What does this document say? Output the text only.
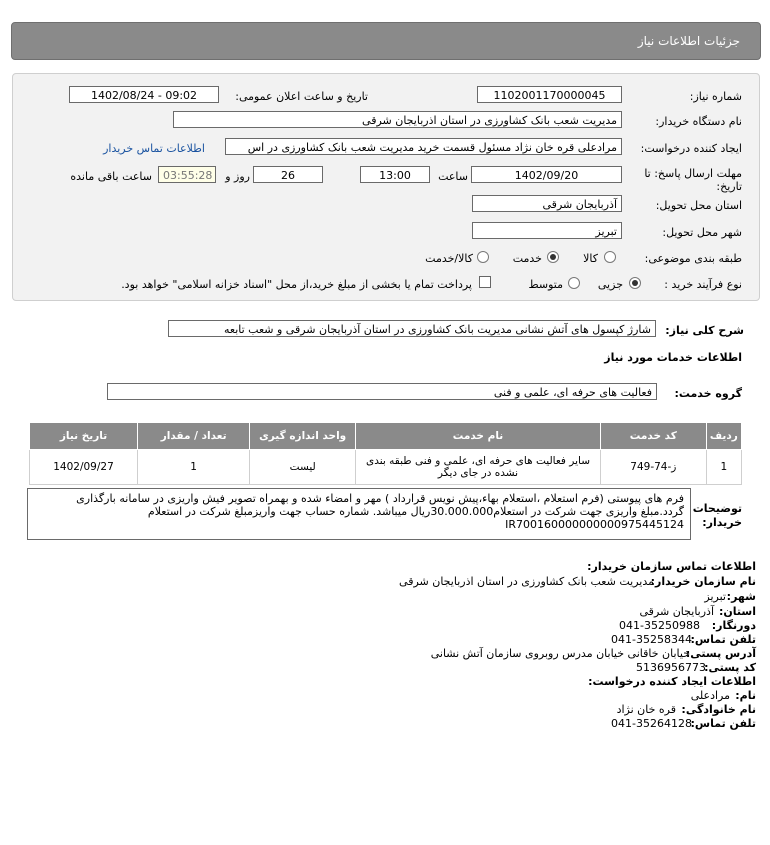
جزئیات اطلاعات نیاز
شماره نیاز:
1102001170000045
تاریخ و ساعت اعلان عمومی:
1402/08/24 - 09:02
نام دستگاه خریدار:
مدیریت شعب بانک کشاورزی در استان اذربایجان شرقی
ایجاد کننده درخواست:
مرادعلی قره خان نژاد مسئول قسمت خرید مدیریت شعب بانک کشاورزی در اس
اطلاعات تماس خریدار
مهلت ارسال پاسخ: تا تاریخ:
1402/09/20
ساعت
13:00
26
روز و
03:55:28
ساعت باقی مانده
استان محل تحویل:
آذربایجان شرقی
شهر محل تحویل:
تبریز
طبقه بندی موضوعی:
کالا
خدمت
کالا/خدمت
نوع فرآیند خرید :
جزیی
متوسط
پرداخت تمام یا بخشی از مبلغ خرید،از محل "اسناد خزانه اسلامی" خواهد بود.
شرح کلی نیاز:
شارژ کپسول های آتش نشانی مدیریت بانک کشاورزی در استان آذربایجان شرقی و شعب تابعه
اطلاعات خدمات مورد نیاز
گروه خدمت:
فعالیت های حرفه ای، علمی و فنی
ردیف	کد خدمت	نام خدمت	واحد اندازه گیری	تعداد / مقدار	تاریخ نیاز
1	ز-74-749	سایر فعالیت های حرفه ای، علمی و فنی طبقه بندی نشده در جای دیگر	لیست	1	1402/09/27
توضیحات خریدار:
فرم های پیوستی (فرم استعلام ،استعلام بهاء،پیش نویس قرارداد ) مهر و امضاء شده و بهمراه تصویر فیش واریزی در سامانه بارگذاری گردد.مبلغ واریزی جهت شرکت در استعلام30.000.000ریال میباشد. شماره حساب جهت واریزمبلغ شرکت در استعلام IR700160000000000975445124
اطلاعات تماس سازمان خریدار:
نام سازمان خریدار:
مدیریت شعب بانک کشاورزی در استان اذربایجان شرقی
شهر:
تبریز
استان:
آذربایجان شرقی
دورنگار:
041-35250988
تلفن تماس:
041-35258344
آدرس پستی:
خیابان خاقانی خیابان مدرس روبروی سازمان آتش نشانی
کد پستی:
5136956773
اطلاعات ایجاد کننده درخواست:
نام:
مرادعلی
نام خانوادگی:
قره خان نژاد
تلفن تماس:
041-35264128
